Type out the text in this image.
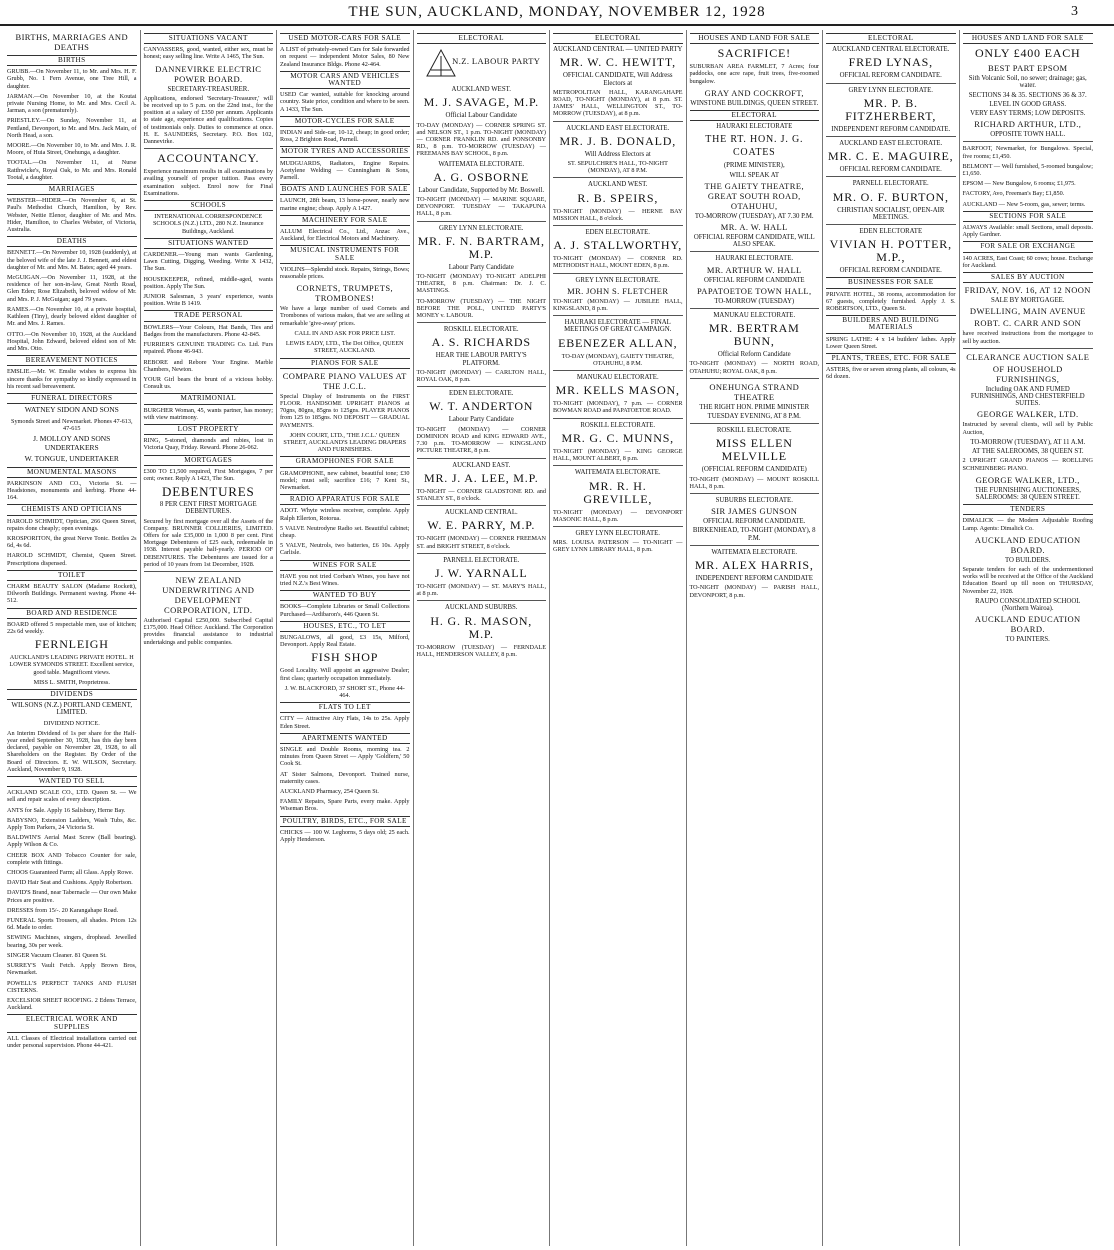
THE SUN, AUCKLAND, MONDAY, NOVEMBER 12, 1928	3
BIRTHS, MARRIAGES AND DEATHS
BIRTHS
GRUBB.—On November 11, to Mr. and Mrs. H. F. Grubb, No. 1 Fern Avenue, one Tree Hill, a daughter.
JARMAN.—On November 10, at the Koutai private Nursing Home, to Mr. and Mrs. Cecil A. Jarman, a son (prematurely).
PRIESTLEY.—On Sunday, November 11, at Pentland, Devonport, to Mr. and Mrs. Jack Main, of North Head, a son.
MOORE.—On November 10, to Mr. and Mrs. J. R. Moore, of Huia Street, Onehunga, a daughter.
TOOTAL.—On November 11, at Nurse Ratthwicke's, Royal Oak, to Mr. and Mrs. Ronald Tootal, a daughter.
MARRIAGES
WEBSTER—HIDER.—On November 6, at St. Paul's Methodist Church, Hamilton, by Rev. Webster, Nettie Elenor, daughter of Mr. and Mrs. Hider, Hamilton, to Charles Webster, of Victoria, Australia.
DEATHS
BENNETT.—On November 10, 1928 (suddenly), at the beloved wife of the late J. J. Bennett, and eldest daughter of Mr. and Mrs. M. Bates; aged 44 years.
McGUIGAN.—On November 11, 1928, at the residence of her son-in-law, Great North Road, Glen Eden; Rose Elizabeth, beloved widow of Mr. and Mrs. P. J. McGuigan; aged 79 years.
RAMES.—On November 10, at a private hospital, Kathleen (Tiny), dearly beloved eldest daughter of Mr. and Mrs. J. Rames.
OTTO.—On November 10, 1928, at the Auckland Hospital, John Edward, beloved eldest son of Mr. and Mrs. Otto.
BEREAVEMENT NOTICES
EMSLIE.—Mr. W. Emslie wishes to express his sincere thanks for sympathy so kindly expressed in his recent sad bereavement.
FUNERAL DIRECTORS
WATNEY SIDON AND SONS
Symonds Street and Newmarket. Phones 47-613, 47-615
J. MOLLOY AND SONS UNDERTAKERS
W. TONGUE, UNDERTAKER
MONUMENTAL MASONS
PARKINSON AND CO., Victoria St. — Headstones, monuments and kerbing. Phone 44-164.
CHEMISTS AND OPTICIANS
HAROLD SCHMIDT, Optician, 266 Queen Street, repairs done cheaply; open evenings.
KROSPORITON, the great Nerve Tonic. Bottles 2s 6d, 4s 6d.
HAROLD SCHMIDT, Chemist, Queen Street. Prescriptions dispensed.
TOILET
CHARM BEAUTY SALON (Madame Rockett), Dilworth Buildings. Permanent waving. Phone 44-512.
BOARD AND RESIDENCE
BOARD offered 5 respectable men, use of kitchen; 22s 6d weekly.
FERNLEIGH
AUCKLAND'S LEADING PRIVATE HOTEL. H LOWER SYMONDS STREET. Excellent service, good table. Magnificent views.
MISS L. SMITH, Proprietress.
DIVIDENDS
WILSONS (N.Z.) PORTLAND CEMENT, LIMITED.
DIVIDEND NOTICE.
An Interim Dividend of 1s per share for the Half-year ended September 30, 1928, has this day been declared, payable on November 28, 1928, to all Shareholders on the Register. By Order of the Board of Directors. E. W. WILSON, Secretary. Auckland, November 9, 1928.
WANTED TO SELL
ACKLAND SCALE CO., LTD. Queen St. — We sell and repair scales of every description.
ANTS for Sale. Apply 16 Salisbury, Herne Bay.
BABYSNO, Extension Ladders, Wash Tubs, &c. Apply Tom Parkers, 24 Victoria St.
BALDWIN'S Aerial Mast Screw (Ball bearing). Apply Wilson & Co.
CHEER BOX AND Tobacco Counter for sale, complete with fittings.
CHOOS Guaranteed Farm; all Glass. Apply Rowe.
DAVID Hair Seat and Cushions. Apply Robertson.
DAVID'S Brand, near Tabernacle — Our own Make Prices are positive.
DRESSES from 15/-. 20 Karangahape Road.
FUNERAL Sports Trousers, all shades. Prices 12s 6d. Made to order.
SEWING Machines, singers, drophead. Jewelled bearing, 30s per week.
SINGER Vacuum Cleaner. 81 Queen St.
SURREY'S Vault Fetch. Apply Brown Bros, Newmarket.
POWELL'S PERFECT TANKS AND FLUSH CISTERNS.
EXCELSIOR SHEET ROOFING. 2 Edens Terrace, Auckland.
ELECTRICAL WORK AND SUPPLIES
ALL Classes of Electrical installations carried out under personal supervision. Phone 44-421.
SITUATIONS VACANT
CANVASSERS, good, wanted, either sex, must be honest; easy selling line. Write A 1465, The Sun.
DANNEVIRKE ELECTRIC POWER BOARD.
SECRETARY-TREASURER.
Applications, endorsed 'Secretary-Treasurer,' will be received up to 5 p.m. on the 22nd inst., for the position at a salary of £350 per annum. Applicants to state age, experience and qualifications. Copies of testimonials only. Duties to commence at once. H. E. SAUNDERS, Secretary. P.O. Box 102, Dannevirke.
ACCOUNTANCY.
Experience maximum results in all examinations by availing yourself of proper tuition. Pass every examination subject. Enrol now for Final Examinations.
SCHOOLS
INTERNATIONAL CORRESPONDENCE SCHOOLS (N.Z.) LTD., 280 N.Z. Insurance Buildings, Auckland.
SITUATIONS WANTED
CARDENER.—Young man wants Gardening, Lawn Cutting, Digging, Weeding. Write X 1432, The Sun.
HOUSEKEEPER, refined, middle-aged, wants position. Apply The Sun.
JUNIOR Salesman, 3 years' experience, wants position. Write B 1419.
TRADE PERSONAL
BOWLERS—Your Colours, Hat Bands, Ties and Badges from the manufacturers. Phone 42-845.
FURRIER'S GENUINE TRADING Co. Ltd. Furs repaired. Phone 46-943.
REBORE and Rebore Your Engine. Marble Chambers, Newton.
YOUR Girl bears the brunt of a vicious hobby. Consult us.
MATRIMONIAL
BURGHER Woman, 45, wants partner, has money; with view matrimony.
LOST PROPERTY
RING, 5-stoned, diamonds and rubies, lost in Victoria Quay, Friday. Reward. Phone 26-062.
MORTGAGES
£300 TO £1,500 required, First Mortgages, 7 per cent; owner. Reply A 1423, The Sun.
DEBENTURES
8 PER CENT FIRST MORTGAGE DEBENTURES.
Secured by first mortgage over all the Assets of the Company. BRUNNER COLLIERIES, LIMITED. Offers for sale £35,000 in 1,000 8 per cent. First Mortgage Debentures of £25 each, redeemable in 1938. Interest payable half-yearly. PERIOD OF DEBENTURES. The Debentures are issued for a period of 10 years from 1st December, 1928.
NEW ZEALAND UNDERWRITING AND DEVELOPMENT CORPORATION, LTD.
Authorised Capital £250,000. Subscribed Capital £175,000. Head Office: Auckland. The Corporation provides financial assistance to industrial undertakings and public companies.
USED MOTOR-CARS FOR SALE
A LIST of privately-owned Cars for Sale forwarded on request — independent Motor Sales, 80 New Zealand Insurance Bldgs. Phone 42-464.
MOTOR CARS AND VEHICLES WANTED
USED Car wanted, suitable for knocking around country. State price, condition and where to be seen. A 1433, The Sun.
MOTOR-CYCLES FOR SALE
INDIAN and Side-car, 10-12, cheap; in good order; Ross, 2 Brighton Road, Parnell.
MOTOR TYRES AND ACCESSORIES
MUDGUARDS, Radiators, Engine Repairs. Acetylene Welding — Cunningham & Sons, Parnell.
BOATS AND LAUNCHES FOR SALE
LAUNCH, 28ft beam, 13 horse-power, nearly new marine engine; cheap. Apply A 1427.
MACHINERY FOR SALE
ALLUM Electrical Co., Ltd., Anzac Ave., Auckland, for Electrical Motors and Machinery.
MUSICAL INSTRUMENTS FOR SALE
VIOLINS—Splendid stock. Repairs, Strings, Bows; reasonable prices.
CORNETS, TRUMPETS, TROMBONES!
We have a large number of used Cornets and Trombones of various makes, that we are selling at remarkable 'give-away' prices.
CALL IN AND ASK FOR PRICE LIST.
LEWIS EADY, LTD., The Dot Office, QUEEN STREET, AUCKLAND.
PIANOS FOR SALE
COMPARE PIANO VALUES AT THE J.C.L.
Special Display of Instruments on the FIRST FLOOR. HANDSOME UPRIGHT PIANOS at 70gns, 80gns, 85gns to 125gns. PLAYER PIANOS from 125 to 185gns. NO DEPOSIT — GRADUAL PAYMENTS.
JOHN COURT, LTD., 'THE J.C.L.' QUEEN STREET, AUCKLAND'S LEADING DRAPERS AND FURNISHERS.
GRAMOPHONES FOR SALE
GRAMOPHONE, new cabinet, beautiful tone; £30 model; must sell; sacrifice £16; 7 Kent St., Newmarket.
RADIO APPARATUS FOR SALE
ADOT. Whyte wireless receiver, complete. Apply Ralph Ellerton, Rotorua.
5 VALVE Neutrodyne Radio set. Beautiful cabinet; cheap.
5 VALVE, Neutrols, two batteries, £6 10s. Apply Carlisle.
WINES FOR SALE
HAVE you not tried Corban's Wines, you have not tried N.Z.'s Best Wines.
WANTED TO BUY
BOOKS—Complete Libraries or Small Collections Purchased—Ardibaron's, 446 Queen St.
HOUSES, ETC., TO LET
BUNGALOWS, all good, £3 15s, Milford, Devonport. Apply Real Estate.
FISH SHOP
Good Locality. Will appoint an aggressive Dealer; first class; quarterly occupation immediately.
J. W. BLACKFORD, 37 SHORT ST., Phone 44-464.
FLATS TO LET
CITY — Attractive Airy Flats, 14s to 25s. Apply Eden Street.
APARTMENTS WANTED
SINGLE and Double Rooms, morning tea. 2 minutes from Queen Street — Apply 'Goldfern,' 50 Cook St.
AT Sister Salmons, Devonport. Trained nurse, maternity cases.
AUCKLAND Pharmacy, 254 Queen St.
FAMILY Repairs, Spare Parts, every make. Apply Wiseman Bros.
POULTRY, BIRDS, ETC., FOR SALE
CHICKS — 100 W. Leghorns, 5 days old; 25 each. Apply Henderson.
ELECTORAL
N.Z. LABOUR PARTY
AUCKLAND WEST.
M. J. SAVAGE, M.P.
Official Labour Candidate
TO-DAY (MONDAY) — CORNER SPRING ST. and NELSON ST., 1 p.m. TO-NIGHT (MONDAY) — CORNER FRANKLIN RD. and PONSONBY RD., 8 p.m. TO-MORROW (TUESDAY) — FREEMANS BAY SCHOOL, 8 p.m.
WAITEMATA ELECTORATE.
A. G. OSBORNE
Labour Candidate, Supported by Mr. Boswell.
TO-NIGHT (MONDAY) — MARINE SQUARE, DEVONPORT. TUESDAY — TAKAPUNA HALL, 8 p.m.
GREY LYNN ELECTORATE.
MR. F. N. BARTRAM, M.P.
Labour Party Candidate
TO-NIGHT (MONDAY) TO-NIGHT ADELPHI THEATRE, 8 p.m. Chairman: Dr. J. C. MASTINGS.
TO-MORROW (TUESDAY) — THE NIGHT BEFORE THE POLL, UNITED PARTY'S MONEY v. LABOUR.
ROSKILL ELECTORATE.
A. S. RICHARDS
HEAR THE LABOUR PARTY'S PLATFORM.
TO-NIGHT (MONDAY) — CARLTON HALL, ROYAL OAK, 8 p.m.
EDEN ELECTORATE.
W. T. ANDERTON
Labour Party Candidate
TO-NIGHT (MONDAY) — CORNER DOMINION ROAD and KING EDWARD AVE., 7.30 p.m. TO-MORROW — KINGSLAND PICTURE THEATRE, 8 p.m.
AUCKLAND EAST.
MR. J. A. LEE, M.P.
TO-NIGHT — CORNER GLADSTONE RD. and STANLEY ST., 8 o'clock.
AUCKLAND CENTRAL.
W. E. PARRY, M.P.
TO-NIGHT (MONDAY) — CORNER FREEMAN ST. and BRIGHT STREET, 8 o'clock.
PARNELL ELECTORATE.
J. W. YARNALL
TO-NIGHT (MONDAY) — ST. MARY'S HALL, at 8 p.m.
AUCKLAND SUBURBS.
H. G. R. MASON, M.P.
TO-MORROW (TUESDAY) — FERNDALE HALL, HENDERSON VALLEY, 8 p.m.
ELECTORAL
AUCKLAND CENTRAL — UNITED PARTY
MR. W. C. HEWITT,
OFFICIAL CANDIDATE, Will Address Electors at
METROPOLITAN HALL, KARANGAHAPE ROAD, TO-NIGHT (MONDAY), at 8 p.m. ST. JAMES' HALL, WELLINGTON ST., TO-MORROW (TUESDAY), at 8 p.m.
AUCKLAND EAST ELECTORATE.
MR. J. B. DONALD,
Will Address Electors at
ST. SEPULCHRE'S HALL, TO-NIGHT (MONDAY), AT 8 P.M.
AUCKLAND WEST.
R. B. SPEIRS,
TO-NIGHT (MONDAY) — HERNE BAY MISSION HALL, 8 o'clock.
EDEN ELECTORATE.
A. J. STALLWORTHY,
TO-NIGHT (MONDAY) — CORNER RD. METHODIST HALL, MOUNT EDEN, 8 p.m.
GREY LYNN ELECTORATE.
MR. JOHN S. FLETCHER
TO-NIGHT (MONDAY) — JUBILEE HALL, KINGSLAND, 8 p.m.
HAURAKI ELECTORATE — FINAL MEETINGS OF GREAT CAMPAIGN.
EBENEZER ALLAN,
TO-DAY (MONDAY), GAIETY THEATRE, OTAHUHU, 8 P.M.
MANUKAU ELECTORATE.
MR. KELLS MASON,
TO-NIGHT (MONDAY), 7 p.m. — CORNER BOWMAN ROAD and PAPATOETOE ROAD.
ROSKILL ELECTORATE.
MR. G. C. MUNNS,
TO-NIGHT (MONDAY) — KING GEORGE HALL, MOUNT ALBERT, 8 p.m.
WAITEMATA ELECTORATE.
MR. R. H. GREVILLE,
TO-NIGHT (MONDAY) — DEVONPORT MASONIC HALL, 8 p.m.
GREY LYNN ELECTORATE.
MRS. LOUISA PATERSON — TO-NIGHT — GREY LYNN LIBRARY HALL, 8 p.m.
HOUSES AND LAND FOR SALE
SACRIFICE!
SUBURBAN AREA FARMLET, 7 Acres; four paddocks, one acre rape, fruit trees, five-roomed bungalow.
GRAY AND COCKROFT,
WINSTONE BUILDINGS, QUEEN STREET.
ELECTORAL
HAURAKI ELECTORATE
THE RT. HON. J. G. COATES
(PRIME MINISTER),
WILL SPEAK AT
THE GAIETY THEATRE, GREAT SOUTH ROAD, OTAHUHU,
TO-MORROW (TUESDAY), AT 7.30 P.M.
MR. A. W. HALL
OFFICIAL REFORM CANDIDATE, WILL ALSO SPEAK.
HAURAKI ELECTORATE.
MR. ARTHUR W. HALL
OFFICIAL REFORM CANDIDATE
PAPATOETOE TOWN HALL,
TO-MORROW (TUESDAY)
MANUKAU ELECTORATE.
MR. BERTRAM BUNN,
Official Reform Candidate
TO-NIGHT (MONDAY) — NORTH ROAD, OTAHUHU; ROYAL OAK, 8 p.m.
ONEHUNGA STRAND THEATRE
THE RIGHT HON. PRIME MINISTER
TUESDAY EVENING, AT 8 P.M.
ROSKILL ELECTORATE.
MISS ELLEN MELVILLE
(OFFICIAL REFORM CANDIDATE)
TO-NIGHT (MONDAY) — MOUNT ROSKILL HALL, 8 p.m.
SUBURBS ELECTORATE.
SIR JAMES GUNSON
OFFICIAL REFORM CANDIDATE.
BIRKENHEAD, TO-NIGHT (MONDAY), 8 P.M.
WAITEMATA ELECTORATE.
MR. ALEX HARRIS,
INDEPENDENT REFORM CANDIDATE
TO-NIGHT (MONDAY) — PARISH HALL, DEVONPORT, 8 p.m.
ELECTORAL
AUCKLAND CENTRAL ELECTORATE.
FRED LYNAS,
OFFICIAL REFORM CANDIDATE.
GREY LYNN ELECTORATE.
MR. P. B. FITZHERBERT,
INDEPENDENT REFORM CANDIDATE.
AUCKLAND EAST ELECTORATE.
MR. C. E. MAGUIRE,
OFFICIAL REFORM CANDIDATE.
PARNELL ELECTORATE.
MR. O. F. BURTON,
CHRISTIAN SOCIALIST, OPEN-AIR MEETINGS.
EDEN ELECTORATE
VIVIAN H. POTTER, M.P.,
OFFICIAL REFORM CANDIDATE.
BUSINESSES FOR SALE
PRIVATE HOTEL, 38 rooms, accommodation for 67 guests, completely furnished. Apply J. S. ROBERTSON, LTD., Queen St.
BUILDERS AND BUILDING MATERIALS
SPRING LATHE: 4 x 14 builders' lathes. Apply Lower Queen Street.
PLANTS, TREES, ETC. FOR SALE
ASTERS, five or seven strong plants, all colours, 4s 6d dozen.
HOUSES AND LAND FOR SALE
ONLY £400 EACH
BEST PART EPSOM
Sith Volcanic Soil, no sewer; drainage; gas, water.
SECTIONS 34 & 35. SECTIONS 36 & 37.
LEVEL IN GOOD GRASS.
VERY EASY TERMS; LOW DEPOSITS.
RICHARD ARTHUR, LTD.,
OPPOSITE TOWN HALL.
BARFOOT, Newmarket, for Bungalows. Special, five rooms; £1,450.
BELMONT — Well furnished, 5-roomed bungalow; £1,650.
EPSOM — New Bungalow, 6 rooms; £1,975.
FACTORY, Avo, Freeman's Bay; £1,850.
AUCKLAND — New 5-room, gas, sewer; terms.
SECTIONS FOR SALE
ALWAYS Available: small Sections, small deposits. Apply Gardner.
FOR SALE OR EXCHANGE
140 ACRES, East Coast; 60 cows; house. Exchange for Auckland.
SALES BY AUCTION
FRIDAY, NOV. 16, AT 12 NOON
SALE BY MORTGAGEE.
DWELLING, MAIN AVENUE
ROBT. C. CARR AND SON
have received instructions from the mortgagee to sell by auction.
CLEARANCE AUCTION SALE
OF HOUSEHOLD FURNISHINGS,
Including OAK AND FUMED FURNISHINGS, AND CHESTERFIELD SUITES.
GEORGE WALKER, LTD.
Instructed by several clients, will sell by Public Auction,
TO-MORROW (TUESDAY), AT 11 A.M.
AT THE SALEROOMS, 38 QUEEN ST.
2 UPRIGHT GRAND PIANOS — ROELLING SCHNEINBERG PIANO.
GEORGE WALKER, LTD.,
THE FURNISHING AUCTIONEERS, SALEROOMS: 38 QUEEN STREET.
TENDERS
DIMALICK — the Modern Adjustable Roofing Lamp. Agents: Dimalick Co.
AUCKLAND EDUCATION BOARD.
TO BUILDERS.
Separate tenders for each of the undermentioned works will be received at the Office of the Auckland Education Board up till noon on THURSDAY, November 22, 1928.
RAUPO CONSOLIDATED SCHOOL (Northern Wairoa).
AUCKLAND EDUCATION BOARD.
TO PAINTERS.
